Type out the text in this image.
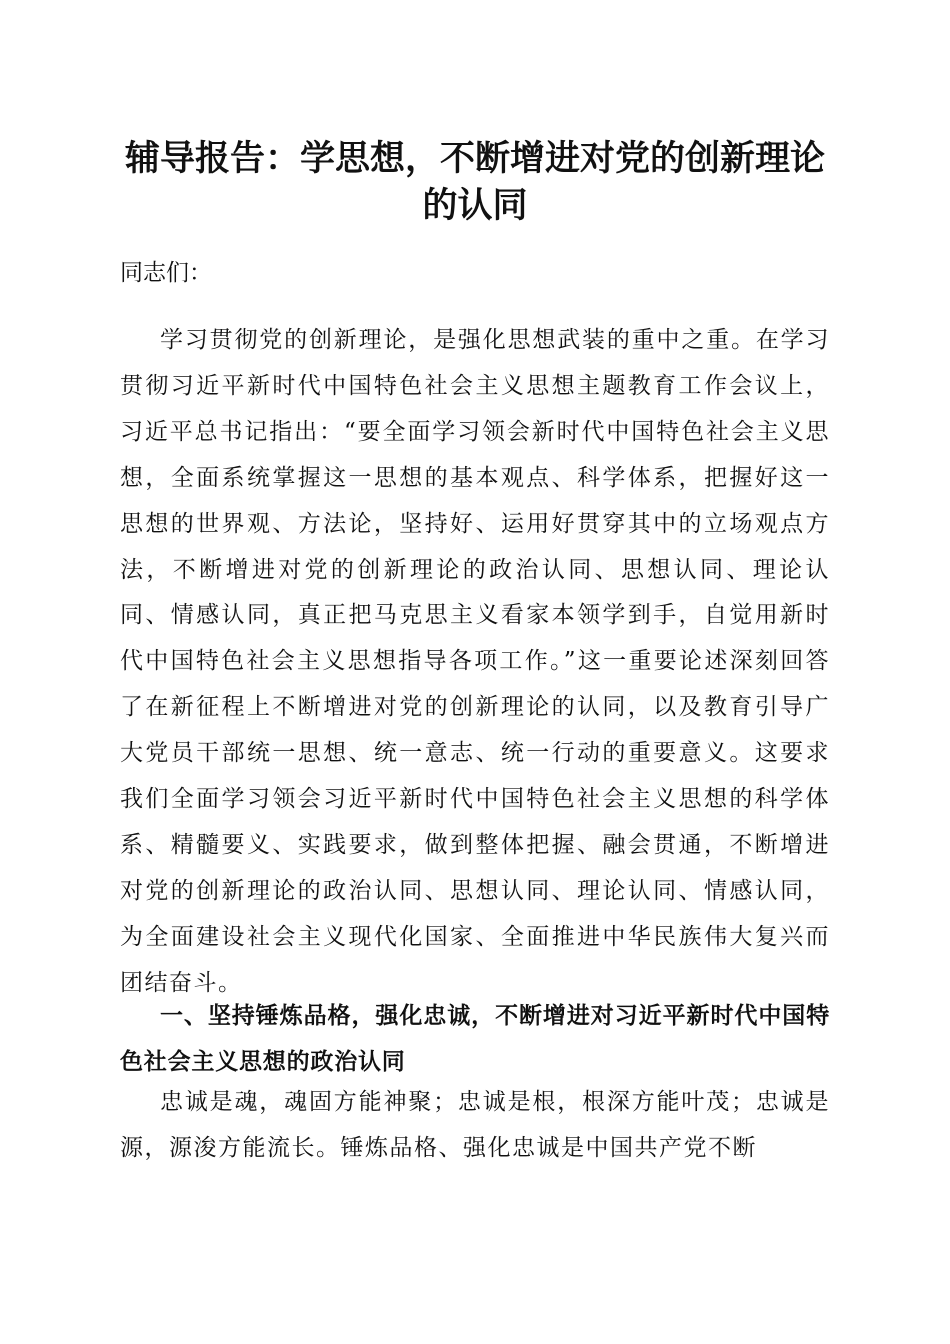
辅导报告：学思想，不断增进对党的创新理论
的认同
同志们：

学习贯彻党的创新理论，是强化思想武装的重中之重。在学习贯彻习近平新时代中国特色社会主义思想主题教育工作会议上，习近平总书记指出：“要全面学习领会新时代中国特色社会主义思想，全面系统掌握这一思想的基本观点、科学体系，把握好这一思想的世界观、方法论，坚持好、运用好贯穿其中的立场观点方法，不断增进对党的创新理论的政治认同、思想认同、理论认同、情感认同，真正把马克思主义看家本领学到手，自觉用新时代中国特色社会主义思想指导各项工作。”这一重要论述深刻回答了在新征程上不断增进对党的创新理论的认同，以及教育引导广大党员干部统一思想、统一意志、统一行动的重要意义。这要求我们全面学习领会习近平新时代中国特色社会主义思想的科学体系、精髓要义、实践要求，做到整体把握、融会贯通，不断增进对党的创新理论的政治认同、思想认同、理论认同、情感认同，为全面建设社会主义现代化国家、全面推进中华民族伟大复兴而团结奋斗。

一、坚持锤炼品格，强化忠诚，不断增进对习近平新时代中国特色社会主义思想的政治认同

忠诚是魂，魂固方能神聚；忠诚是根，根深方能叶茂；忠诚是源，源浚方能流长。锤炼品格、强化忠诚是中国共产党不断
